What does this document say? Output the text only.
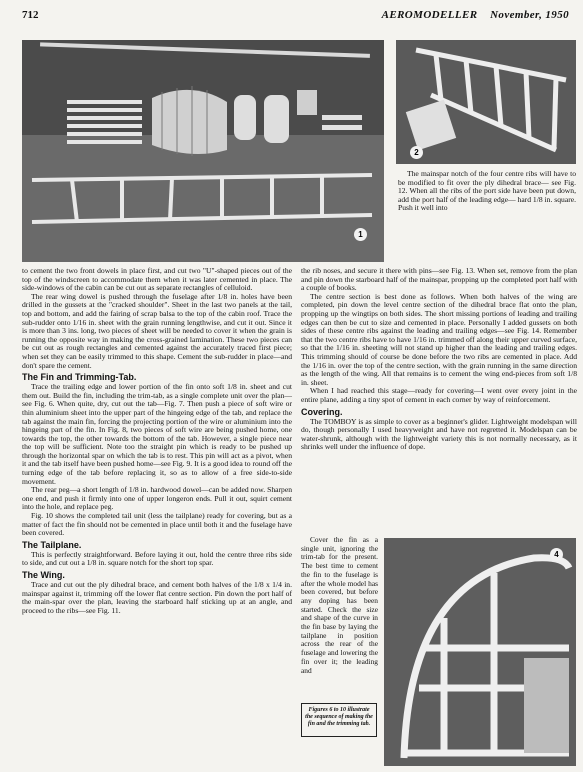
712	AEROMODELLER November, 1950
1
2

The mainspar notch of the four centre ribs will have to be modified to fit over the ply dihedral brace— see Fig. 12. When all the ribs of the port side have been put down, add the port half of the leading edge— hard 1/8 in. square. Push it well into

to cement the two front dowels in place first, and cut two "U"-shaped pieces out of the top of the windscreen to accommodate them when it was later cemented in place. The side-windows of the cabin can be cut out as separate rectangles of celluloid.

The rear wing dowel is pushed through the fuselage after 1/8 in. holes have been drilled in the gussets at the "cracked shoulder". Sheet in the last two panels at the tail, top and bottom, and add the fairing of scrap balsa to the top of the cabin roof. Trace the sub-rudder onto 1/16 in. sheet with the grain running lengthwise, and cut it out. Since it is more than 3 ins. long, two pieces of sheet will be needed to cover it when the grain is running the opposite way in making the cross-grained lamination. These two pieces can be cut out as rough rectangles and cemented against the accurately traced first piece; when set they can be easily trimmed to this shape. Cement the sub-rudder in place—and don't spare the cement.

The Fin and Trimming-Tab.

Trace the trailing edge and lower portion of the fin onto soft 1/8 in. sheet and cut them out. Build the fin, including the trim-tab, as a single complete unit over the plan—see Fig. 6. When quite, dry, cut out the tab—Fig. 7. Then push a piece of soft wire or thin aluminium sheet into the upper part of the hingeing edge of the tab, and replace the tab against the main fin, forcing the projecting portion of the wire or aluminium into the hingeing part of the fin. In Fig. 8, two pieces of soft wire are being pushed home, one towards the top, the other towards the bottom of the tab. However, a single piece near the top will be sufficient. Note too the straight pin which is ready to be pushed up through the horizontal spar on which the tab is to rest. This pin will act as a pivot, when it and the tab itself have been pushed home—see Fig. 9. It is a good idea to round off the turning edge of the tab before replacing it, so as to allow of a free side-to-side movement.

The rear peg—a short length of 1/8 in. hardwood dowel—can be added now. Sharpen one end, and push it firmly into one of upper longeron ends. Pull it out, squirt cement into the hole, and replace peg.

Fig. 10 shows the completed tail unit (less the tailplane) ready for covering, but as a matter of fact the fin should not be cemented in place until both it and the fuselage have been covered.

The Tailplane.

This is perfectly straightforward. Before laying it out, hold the centre three ribs side to side, and cut out a 1/8 in. square notch for the short top spar.

The Wing.

Trace and cut out the ply dihedral brace, and cement both halves of the 1/8 x 1/4 in. mainspar against it, trimming off the lower flat centre section. Pin down the port half of the main-spar over the plan, leaving the starboard half sticking up at an angle, and proceed to the ribs—see Fig. 11.

the rib noses, and secure it there with pins—see Fig. 13. When set, remove from the plan and pin down the starboard half of the mainspar, propping up the completed port half with a couple of books.

The centre section is best done as follows. When both halves of the wing are completed, pin down the level centre section of the dihedral brace flat onto the plan, propping up the wingtips on both sides. The short missing portions of leading and trailing edges can then be cut to size and cemented in place. Personally I added gussets on both sides of these centre ribs against the leading and trailing edges—see Fig. 14. Remember that the two centre ribs have to have 1/16 in. trimmed off along their upper curved surface, so that the 1/16 in. sheeting will not stand up higher than the leading and trailing edges. This trimming should of course be done before the two ribs are cemented in place. Add the 1/16 in. over the top of the centre section, with the grain running in the same direction as the length of the wing. All that remains is to cement the wing end-pieces from soft 1/8 in. sheet.

When I had reached this stage—ready for covering—I went over every joint in the entire plane, adding a tiny spot of cement in each corner by way of reinforcement.

Covering.

The TOMBOY is as simple to cover as a beginner's glider. Lightweight modelspan will do, though personally I used heavyweight and have not regretted it. Modelspan can be water-shrunk, although with the lightweight variety this is not normally necessary, as it shrinks well under the influence of dope.

Cover the fin as a single unit, ignoring the trim-tab for the present. The best time to cement the fin to the fuselage is after the whole model has been covered, but before any doping has been started. Check the size and shape of the curve in the fin base by laying the tailplane in position across the rear of the fuselage and lowering the fin over it; the leading and

4
Figures 6 to 10 illustrate the sequence of making the fin and the trimming tab.
